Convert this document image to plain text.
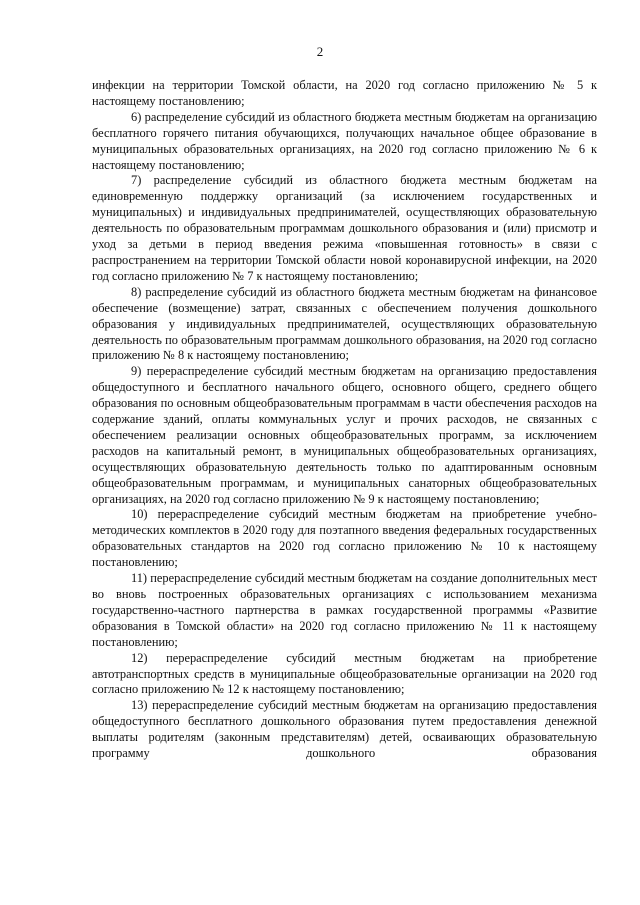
2

инфекции на территории Томской области, на 2020 год согласно приложению № 5 к настоящему постановлению;

6) распределение субсидий из областного бюджета местным бюджетам на организацию бесплатного горячего питания обучающихся, получающих начальное общее образование в муниципальных образовательных организациях, на 2020 год согласно приложению № 6 к настоящему постановлению;

7) распределение субсидий из областного бюджета местным бюджетам на единовременную поддержку организаций (за исключением государственных и муниципальных) и индивидуальных предпринимателей, осуществляющих образовательную деятельность по образовательным программам дошкольного образования и (или) присмотр и уход за детьми в период введения режима «повышенная готовность» в связи с распространением на территории Томской области новой коронавирусной инфекции, на 2020 год согласно приложению № 7 к настоящему постановлению;

8) распределение субсидий из областного бюджета местным бюджетам на финансовое обеспечение (возмещение) затрат, связанных с обеспечением получения дошкольного образования у индивидуальных предпринимателей, осуществляющих образовательную деятельность по образовательным программам дошкольного образования, на 2020 год согласно приложению № 8 к настоящему постановлению;

9) перераспределение субсидий местным бюджетам на организацию предоставления общедоступного и бесплатного начального общего, основного общего, среднего общего образования по основным общеобразовательным программам в части обеспечения расходов на содержание зданий, оплаты коммунальных услуг и прочих расходов, не связанных с обеспечением реализации основных общеобразовательных программ, за исключением расходов на капитальный ремонт, в муниципальных общеобразовательных организациях, осуществляющих образовательную деятельность только по адаптированным основным общеобразовательным программам, и муниципальных санаторных общеобразовательных организациях, на 2020 год согласно приложению № 9 к настоящему постановлению;

10) перераспределение субсидий местным бюджетам на приобретение учебно-методических комплектов в 2020 году для поэтапного введения федеральных государственных образовательных стандартов на 2020 год согласно приложению № 10 к настоящему постановлению;

11) перераспределение субсидий местным бюджетам на создание дополнительных мест во вновь построенных образовательных организациях с использованием механизма государственно-частного партнерства в рамках государственной программы «Развитие образования в Томской области» на 2020 год согласно приложению № 11 к настоящему постановлению;

12) перераспределение субсидий местным бюджетам на приобретение автотранспортных средств в муниципальные общеобразовательные организации на 2020 год согласно приложению № 12 к настоящему постановлению;

13) перераспределение субсидий местным бюджетам на организацию предоставления общедоступного бесплатного дошкольного образования путем предоставления денежной выплаты родителям (законным представителям) детей, осваивающих образовательную программу дошкольного образования
